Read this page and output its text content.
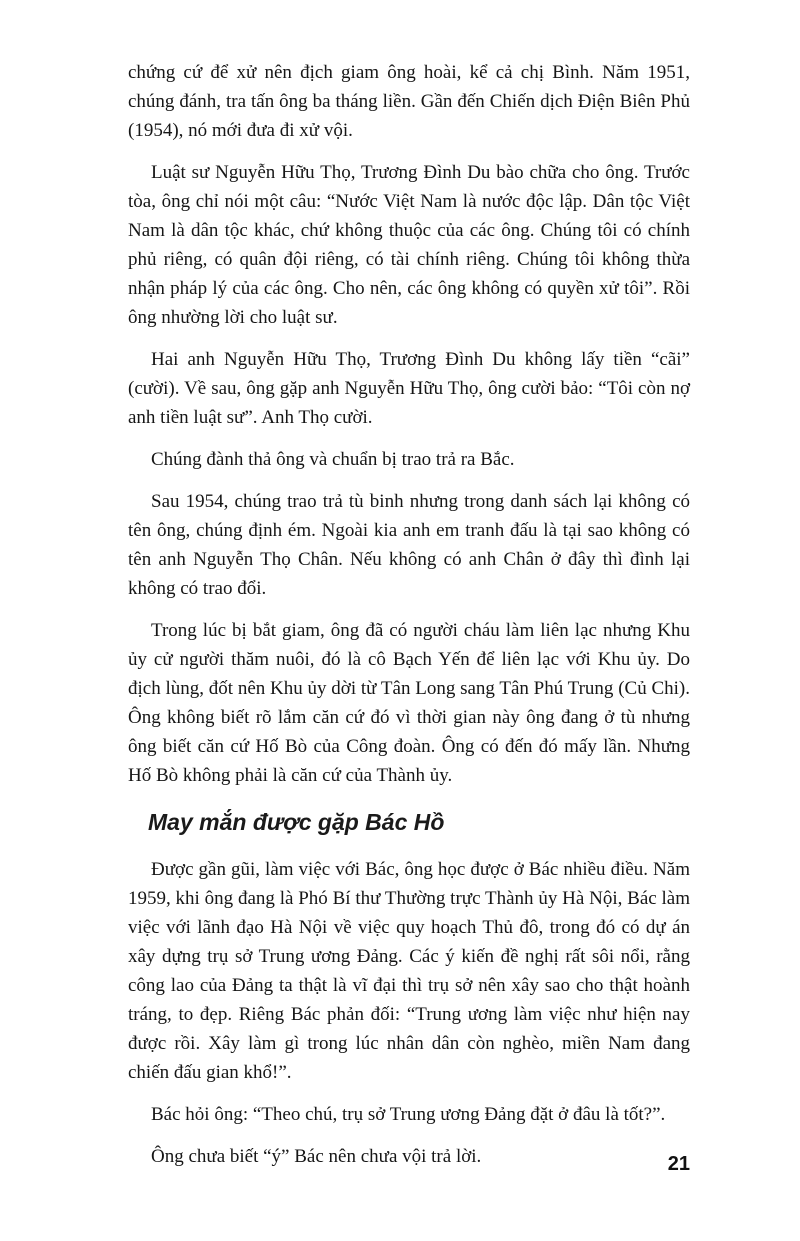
chứng cứ để xử nên địch giam ông hoài, kể cả chị Bình. Năm 1951, chúng đánh, tra tấn ông ba tháng liền. Gần đến Chiến dịch Điện Biên Phủ (1954), nó mới đưa đi xử vội.

Luật sư Nguyễn Hữu Thọ, Trương Đình Du bào chữa cho ông. Trước tòa, ông chỉ nói một câu: “Nước Việt Nam là nước độc lập. Dân tộc Việt Nam là dân tộc khác, chứ không thuộc của các ông. Chúng tôi có chính phủ riêng, có quân đội riêng, có tài chính riêng. Chúng tôi không thừa nhận pháp lý của các ông. Cho nên, các ông không có quyền xử tôi”. Rồi ông nhường lời cho luật sư.

Hai anh Nguyễn Hữu Thọ, Trương Đình Du không lấy tiền “cãi” (cười). Về sau, ông gặp anh Nguyễn Hữu Thọ, ông cười bảo: “Tôi còn nợ anh tiền luật sư”. Anh Thọ cười.

Chúng đành thả ông và chuẩn bị trao trả ra Bắc.

Sau 1954, chúng trao trả tù binh nhưng trong danh sách lại không có tên ông, chúng định ém. Ngoài kia anh em tranh đấu là tại sao không có tên anh Nguyễn Thọ Chân. Nếu không có anh Chân ở đây thì đình lại không có trao đổi.

Trong lúc bị bắt giam, ông đã có người cháu làm liên lạc nhưng Khu ủy cử người thăm nuôi, đó là cô Bạch Yến để liên lạc với Khu ủy. Do địch lùng, đốt nên Khu ủy dời từ Tân Long sang Tân Phú Trung (Củ Chi). Ông không biết rõ lắm căn cứ đó vì thời gian này ông đang ở tù nhưng ông biết căn cứ Hố Bò của Công đoàn. Ông có đến đó mấy lần. Nhưng Hố Bò không phải là căn cứ của Thành ủy.

May mắn được gặp Bác Hồ

Được gần gũi, làm việc với Bác, ông học được ở Bác nhiều điều. Năm 1959, khi ông đang là Phó Bí thư Thường trực Thành ủy Hà Nội, Bác làm việc với lãnh đạo Hà Nội về việc quy hoạch Thủ đô, trong đó có dự án xây dựng trụ sở Trung ương Đảng. Các ý kiến đề nghị rất sôi nổi, rằng công lao của Đảng ta thật là vĩ đại thì trụ sở nên xây sao cho thật hoành tráng, to đẹp. Riêng Bác phản đối: “Trung ương làm việc như hiện nay được rồi. Xây làm gì trong lúc nhân dân còn nghèo, miền Nam đang chiến đấu gian khổ!”.

Bác hỏi ông: “Theo chú, trụ sở Trung ương Đảng đặt ở đâu là tốt?”.

Ông chưa biết “ý” Bác nên chưa vội trả lời.	21
